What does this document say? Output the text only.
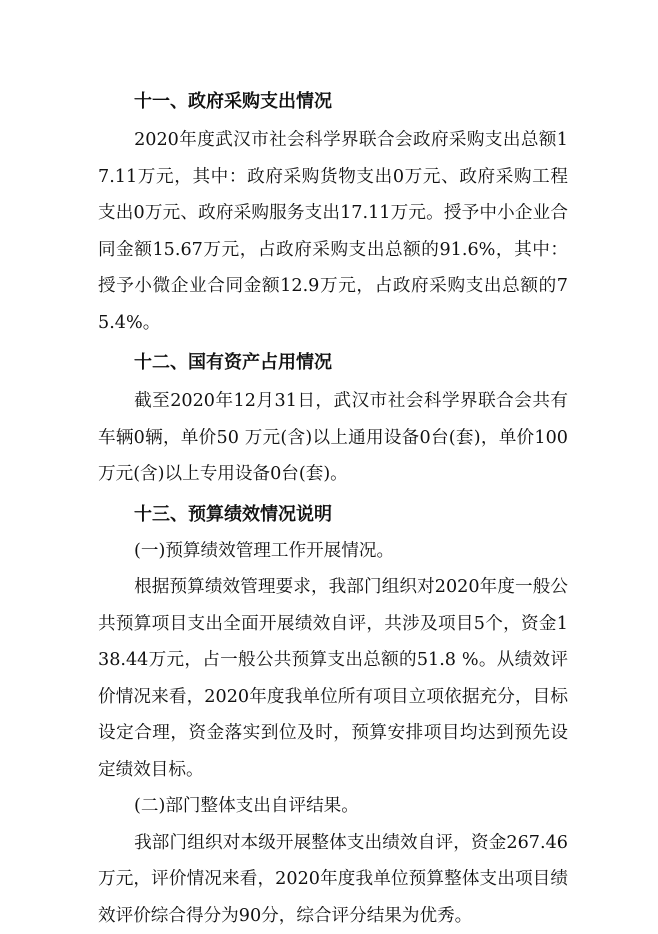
十一、政府采购支出情况

2020年度武汉市社会科学界联合会政府采购支出总额17.11万元，其中：政府采购货物支出0万元、政府采购工程支出0万元、政府采购服务支出17.11万元。授予中小企业合同金额15.67万元，占政府采购支出总额的91.6%，其中：授予小微企业合同金额12.9万元，占政府采购支出总额的75.4%。

十二、国有资产占用情况

截至2020年12月31日，武汉市社会科学界联合会共有车辆0辆，单价50 万元(含)以上通用设备0台(套)，单价100万元(含)以上专用设备0台(套)。

十三、预算绩效情况说明

(一)预算绩效管理工作开展情况。

根据预算绩效管理要求，我部门组织对2020年度一般公共预算项目支出全面开展绩效自评，共涉及项目5个，资金138.44万元，占一般公共预算支出总额的51.8 %。从绩效评价情况来看，2020年度我单位所有项目立项依据充分，目标设定合理，资金落实到位及时，预算安排项目均达到预先设定绩效目标。

(二)部门整体支出自评结果。

我部门组织对本级开展整体支出绩效自评，资金267.46万元，评价情况来看，2020年度我单位预算整体支出项目绩效评价综合得分为90分，综合评分结果为优秀。
